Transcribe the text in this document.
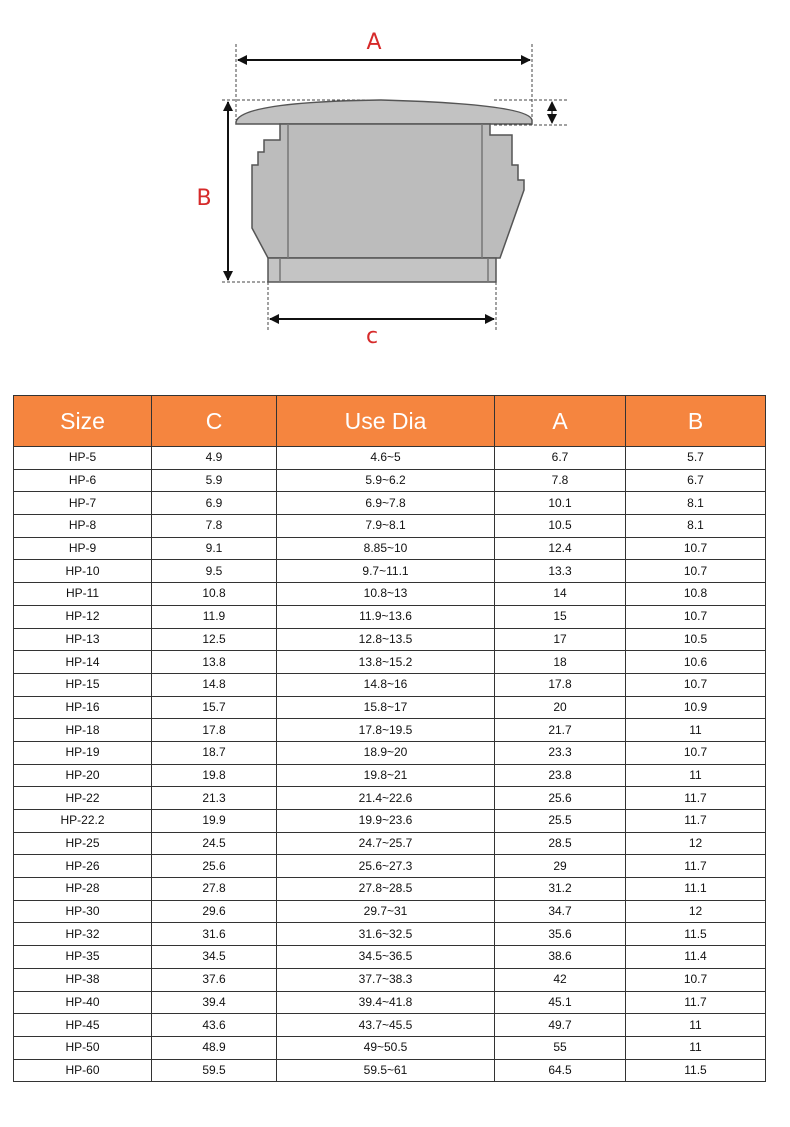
A
B
c
Size	C	Use Dia	A	B
HP-5	4.9	4.6~5	6.7	5.7
HP-6	5.9	5.9~6.2	7.8	6.7
HP-7	6.9	6.9~7.8	10.1	8.1
HP-8	7.8	7.9~8.1	10.5	8.1
HP-9	9.1	8.85~10	12.4	10.7
HP-10	9.5	9.7~11.1	13.3	10.7
HP-11	10.8	10.8~13	14	10.8
HP-12	11.9	11.9~13.6	15	10.7
HP-13	12.5	12.8~13.5	17	10.5
HP-14	13.8	13.8~15.2	18	10.6
HP-15	14.8	14.8~16	17.8	10.7
HP-16	15.7	15.8~17	20	10.9
HP-18	17.8	17.8~19.5	21.7	11
HP-19	18.7	18.9~20	23.3	10.7
HP-20	19.8	19.8~21	23.8	11
HP-22	21.3	21.4~22.6	25.6	11.7
HP-22.2	19.9	19.9~23.6	25.5	11.7
HP-25	24.5	24.7~25.7	28.5	12
HP-26	25.6	25.6~27.3	29	11.7
HP-28	27.8	27.8~28.5	31.2	11.1
HP-30	29.6	29.7~31	34.7	12
HP-32	31.6	31.6~32.5	35.6	11.5
HP-35	34.5	34.5~36.5	38.6	11.4
HP-38	37.6	37.7~38.3	42	10.7
HP-40	39.4	39.4~41.8	45.1	11.7
HP-45	43.6	43.7~45.5	49.7	11
HP-50	48.9	49~50.5	55	11
HP-60	59.5	59.5~61	64.5	11.5
